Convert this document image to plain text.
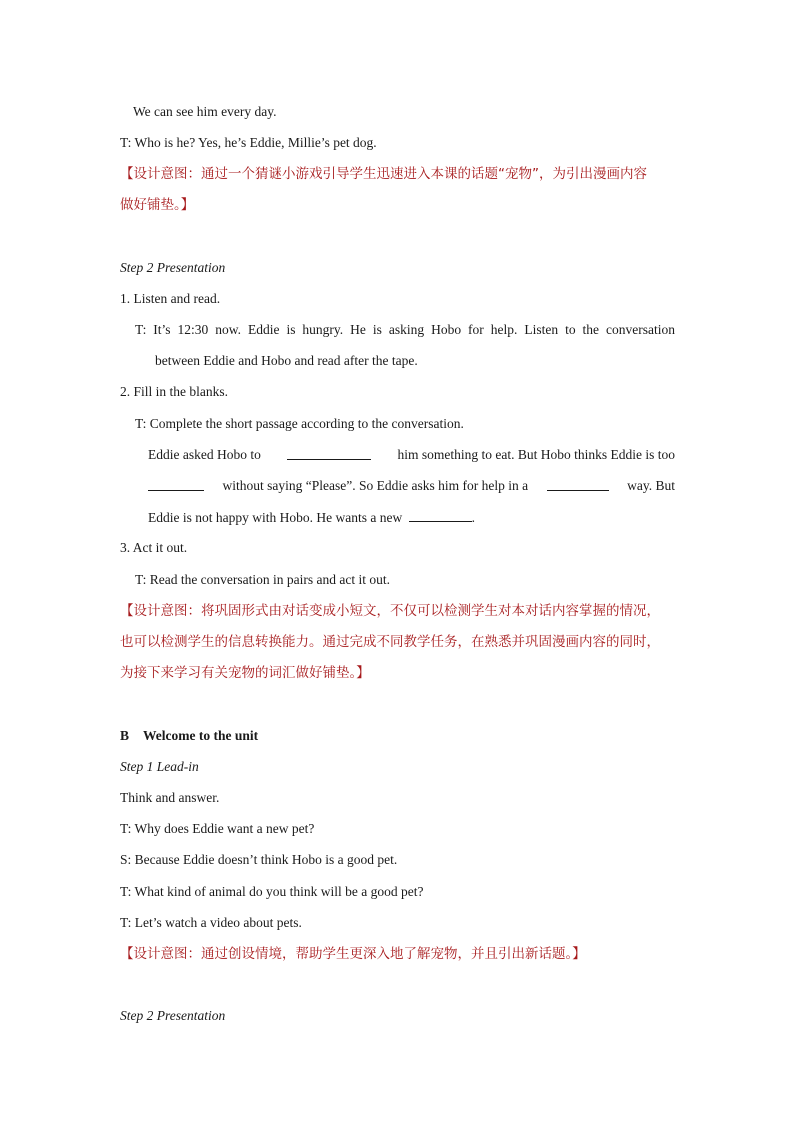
We can see him every day.
T: Who is he? Yes, he’s Eddie, Millie’s pet dog.
【设计意图：通过一个猜谜小游戏引导学生迅速进入本课的话题“宠物”，为引出漫画内容
做好铺垫。】
Step 2 Presentation
1. Listen and read.
T: It’s 12:30 now. Eddie is hungry. He is asking Hobo for help. Listen to the conversation
between Eddie and Hobo and read after the tape.
2. Fill in the blanks.
T: Complete the short passage according to the conversation.
Eddie asked Hobo to	him something to eat. But Hobo thinks Eddie is too
without saying “Please”. So Eddie asks him for help in a	way. But
Eddie is not happy with Hobo. He wants a new	.
3. Act it out.
T: Read the conversation in pairs and act it out.
【设计意图：将巩固形式由对话变成小短文，不仅可以检测学生对本对话内容掌握的情况，
也可以检测学生的信息转换能力。通过完成不同教学任务，在熟悉并巩固漫画内容的同时，
为接下来学习有关宠物的词汇做好铺垫。】
B Welcome to the unit
Step 1 Lead-in
Think and answer.
T: Why does Eddie want a new pet?
S: Because Eddie doesn’t think Hobo is a good pet.
T: What kind of animal do you think will be a good pet?
T: Let’s watch a video about pets.
【设计意图：通过创设情境，帮助学生更深入地了解宠物，并且引出新话题。】
Step 2 Presentation
